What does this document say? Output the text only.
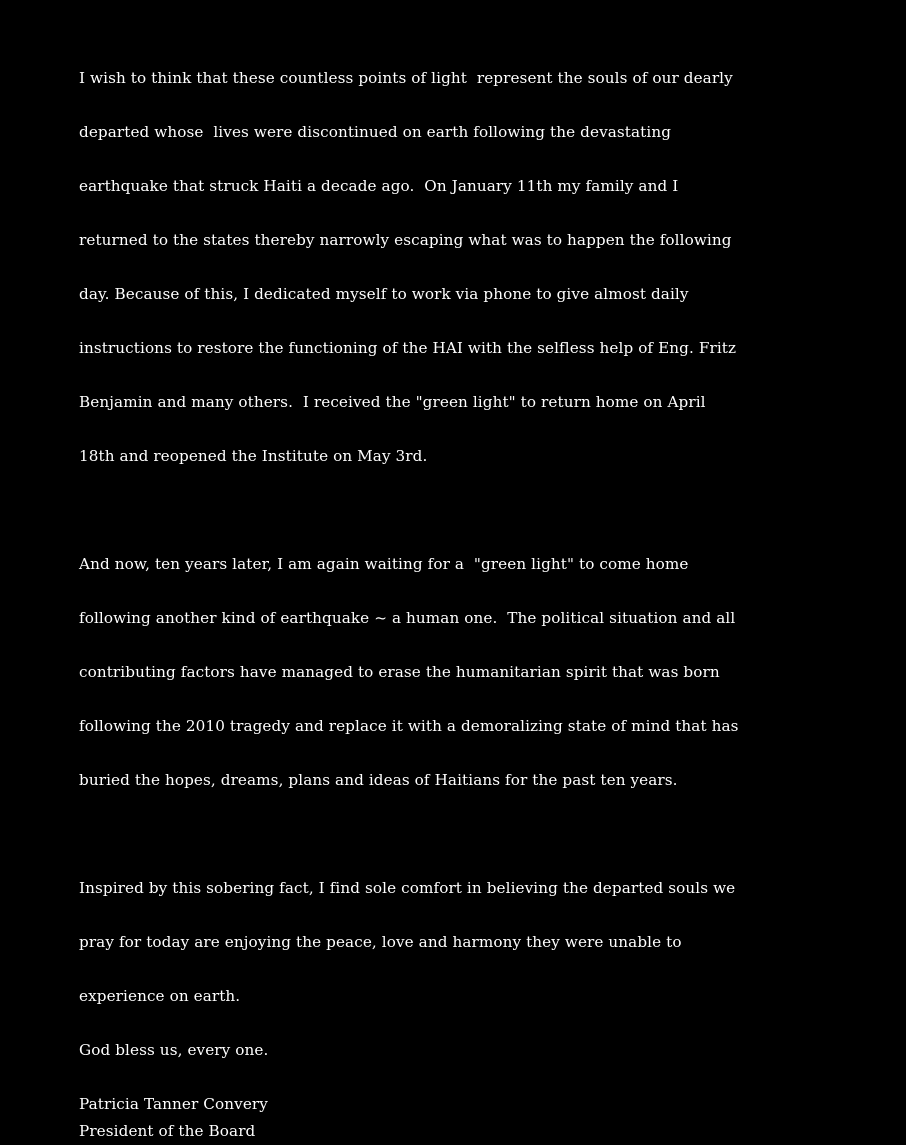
I wish to think that these countless points of light  represent the souls of our dearly

departed whose  lives were discontinued on earth following the devastating

earthquake that struck Haiti a decade ago.  On January 11th my family and I

returned to the states thereby narrowly escaping what was to happen the following

day. Because of this, I dedicated myself to work via phone to give almost daily

instructions to restore the functioning of the HAI with the selfless help of Eng. Fritz

Benjamin and many others.  I received the "green light" to return home on April

18th and reopened the Institute on May 3rd.

And now, ten years later, I am again waiting for a  "green light" to come home

following another kind of earthquake ~ a human one.  The political situation and all

contributing factors have managed to erase the humanitarian spirit that was born

following the 2010 tragedy and replace it with a demoralizing state of mind that has

buried the hopes, dreams, plans and ideas of Haitians for the past ten years.

Inspired by this sobering fact, I find sole comfort in believing the departed souls we

pray for today are enjoying the peace, love and harmony they were unable to

experience on earth.

God bless us, every one.
Patricia Tanner Convery
President of the Board
